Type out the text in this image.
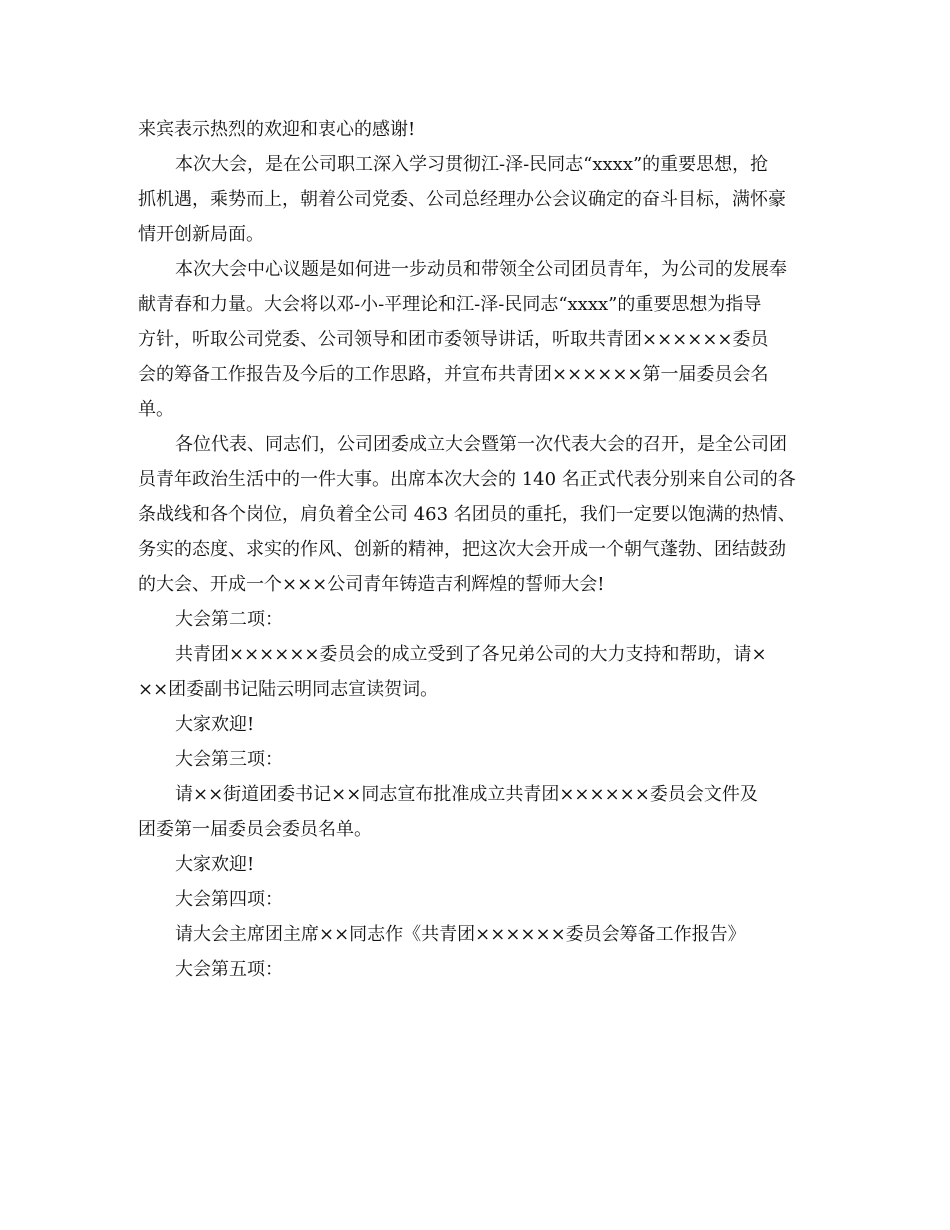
来宾表示热烈的欢迎和衷心的感谢!
本次大会，是在公司职工深入学习贯彻江-泽-民同志“xxxx”的重要思想，抢
抓机遇，乘势而上，朝着公司党委、公司总经理办公会议确定的奋斗目标，满怀豪
情开创新局面。
本次大会中心议题是如何进一步动员和带领全公司团员青年，为公司的发展奉
献青春和力量。大会将以邓-小-平理论和江-泽-民同志“xxxx”的重要思想为指导
方针，听取公司党委、公司领导和团市委领导讲话，听取共青团××××××委员
会的筹备工作报告及今后的工作思路，并宣布共青团××××××第一届委员会名
单。
各位代表、同志们，公司团委成立大会暨第一次代表大会的召开，是全公司团
员青年政治生活中的一件大事。出席本次大会的 140 名正式代表分别来自公司的各
条战线和各个岗位，肩负着全公司 463 名团员的重托，我们一定要以饱满的热情、
务实的态度、求实的作风、创新的精神，把这次大会开成一个朝气蓬勃、团结鼓劲
的大会、开成一个×××公司青年铸造吉利辉煌的誓师大会!
大会第二项：
共青团××××××委员会的成立受到了各兄弟公司的大力支持和帮助，请×
××团委副书记陆云明同志宣读贺词。
大家欢迎!
大会第三项：
请××街道团委书记××同志宣布批准成立共青团××××××委员会文件及
团委第一届委员会委员名单。
大家欢迎!
大会第四项：
请大会主席团主席××同志作《共青团××××××委员会筹备工作报告》
大会第五项：
